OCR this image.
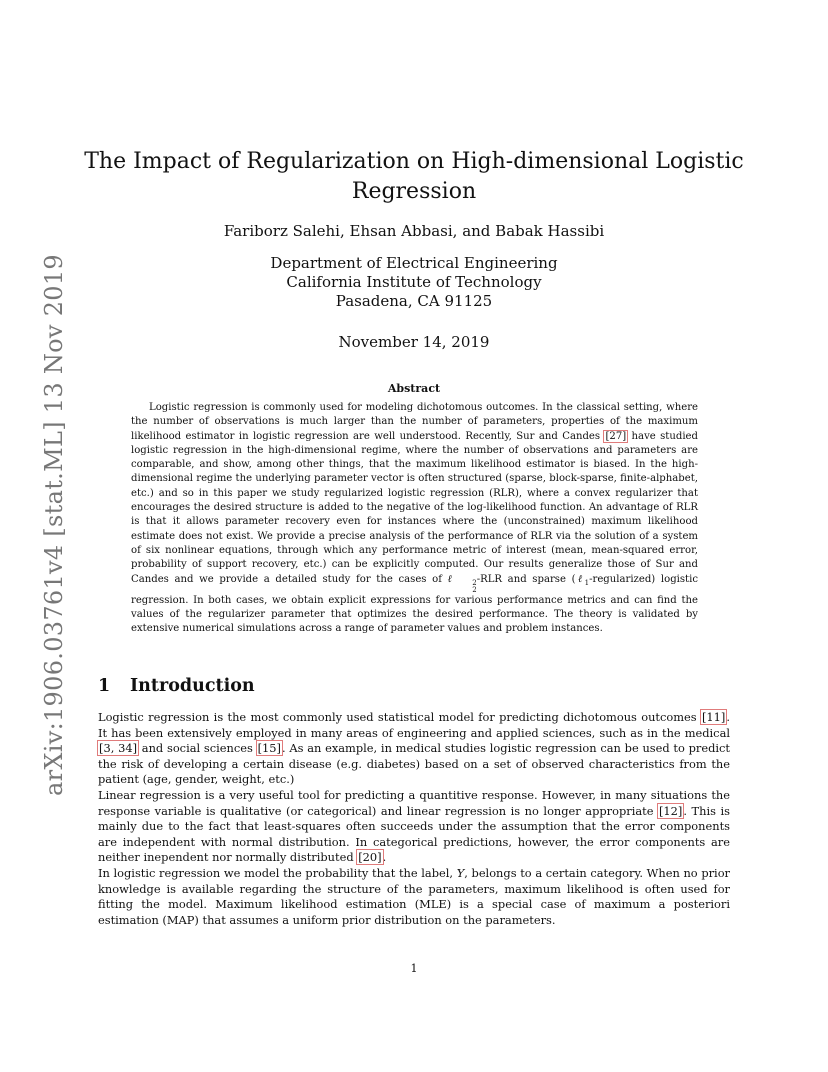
arXiv:1906.03761v4 [stat.ML] 13 Nov 2019
The Impact of Regularization on High-dimensional Logistic Regression
Fariborz Salehi, Ehsan Abbasi, and Babak Hassibi
Department of Electrical Engineering
California Institute of Technology
Pasadena, CA 91125
November 14, 2019
Abstract
Logistic regression is commonly used for modeling dichotomous outcomes. In the classical setting, where the number of observations is much larger than the number of parameters, properties of the maximum likelihood estimator in logistic regression are well understood. Recently, Sur and Candes [27] have studied logistic regression in the high-dimensional regime, where the number of observations and parameters are comparable, and show, among other things, that the maximum likelihood estimator is biased. In the high-dimensional regime the underlying parameter vector is often structured (sparse, block-sparse, finite-alphabet, etc.) and so in this paper we study regularized logistic regression (RLR), where a convex regularizer that encourages the desired structure is added to the negative of the log-likelihood function. An advantage of RLR is that it allows parameter recovery even for instances where the (unconstrained) maximum likelihood estimate does not exist. We provide a precise analysis of the performance of RLR via the solution of a system of six nonlinear equations, through which any performance metric of interest (mean, mean-squared error, probability of support recovery, etc.) can be explicitly computed. Our results generalize those of Sur and Candes and we provide a detailed study for the cases of ℓ	2
2
-RLR and sparse (ℓ$_1$-regularized) logistic regression. In both cases, we obtain explicit expressions for various performance metrics and can find the values of the regularizer parameter that optimizes the desired performance. The theory is validated by extensive numerical simulations across a range of parameter values and problem instances.
1 Introduction

Logistic regression is the most commonly used statistical model for predicting dichotomous outcomes [11]. It has been extensively employed in many areas of engineering and applied sciences, such as in the medical [3, 34] and social sciences [15]. As an example, in medical studies logistic regression can be used to predict the risk of developing a certain disease (e.g. diabetes) based on a set of observed characteristics from the patient (age, gender, weight, etc.)

Linear regression is a very useful tool for predicting a quantitive response. However, in many situations the response variable is qualitative (or categorical) and linear regression is no longer appropriate [12]. This is mainly due to the fact that least-squares often succeeds under the assumption that the error components are independent with normal distribution. In categorical predictions, however, the error components are neither inependent nor normally distributed [20].

In logistic regression we model the probability that the label, Y, belongs to a certain category. When no prior knowledge is available regarding the structure of the parameters, maximum likelihood is often used for fitting the model. Maximum likelihood estimation (MLE) is a special case of maximum a posteriori estimation (MAP) that assumes a uniform prior distribution on the parameters.

1
